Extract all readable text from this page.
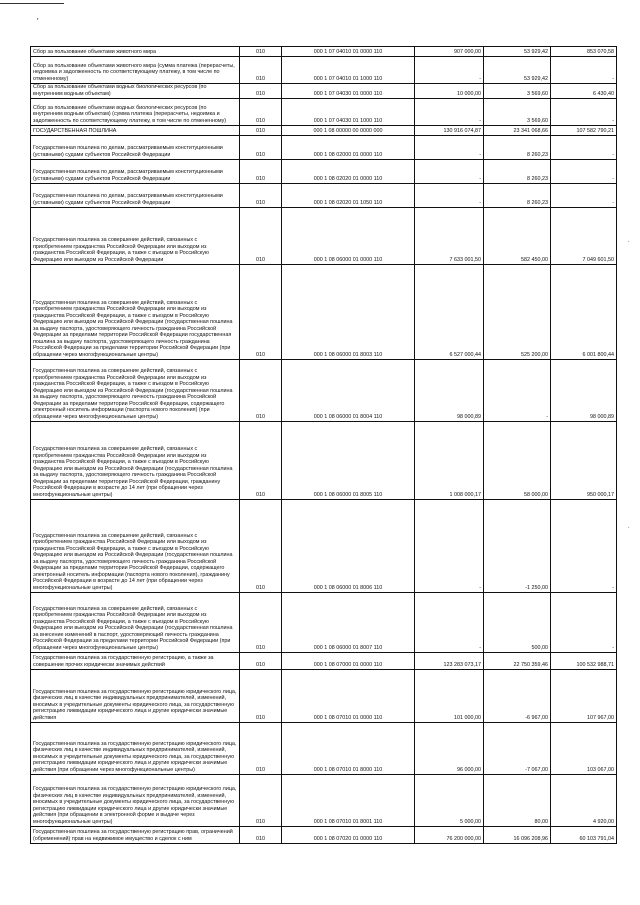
'
·
·
Сбор за пользование объектами животного мира	010	000 1 07 04010 01 0000 110	907 000,00	53 929,42	853 070,58
Сбор за пользование объектами животного мира (сумма платежа (перерасчеты, недоимка и задолженность по соответствующему платежу, в том числе по отмененному)	010	000 1 07 04010 01 1000 110	-	53 929,42	-
Сбор за пользование объектами водных биологических ресурсов (по внутренним водным объектам)	010	000 1 07 04030 01 0000 110	10 000,00	3 569,60	6 430,40
Сбор за пользование объектами водных биологических ресурсов (по внутренним водным объектам) (сумма платежа (перерасчеты, недоимка и задолженность по соответствующему платежу, в том числе по отмененному)	010	000 1 07 04030 01 1000 110	-	3 569,60	-
ГОСУДАРСТВЕННАЯ ПОШЛИНА	010	000 1 08 00000 00 0000 000	130 916 074,87	23 341 068,66	107 582 790,21
Государственная пошлина по делам, рассматриваемым конституционными (уставными) судами субъектов Российской Федерации	010	000 1 08 02000 01 0000 110	-	8 260,23	-
Государственная пошлина по делам, рассматриваемым конституционными (уставными) судами субъектов Российской Федерации	010	000 1 08 02020 01 0000 110	-	8 260,23	-
Государственная пошлина по делам, рассматриваемым конституционными (уставными) судами субъектов Российской Федерации	010	000 1 08 02020 01 1050 110	-	8 260,23	-
Государственная пошлина за совершение действий, связанных с приобретением гражданства Российской Федерации или выходом из гражданства Российской Федерации, а также с въездом в Российскую Федерацию или выездом из Российской Федерации	010	000 1 08 06000 01 0000 110	7 633 001,50	582 450,00	7 049 601,50
Государственная пошлина за совершение действий, связанных с приобретением гражданства Российской Федерации или выходом из гражданства Российской Федерации, а также с въездом в Российскую Федерацию или выездом из Российской Федерации (государственная пошлина за выдачу паспорта, удостоверяющего личность гражданина Российской Федерации за пределами территории Российской Федерации государственная пошлина за выдачу паспорта, удостоверяющего личность гражданина Российской Федерации за пределами территории Российской Федерации (при обращении через многофункциональные центры)	010	000 1 08 06000 01 8003 110	6 527 000,44	525 200,00	6 001 800,44
Государственная пошлина за совершение действий, связанных с приобретением гражданства Российской Федерации или выходом из гражданства Российской Федерации, а также с въездом в Российскую Федерацию или выездом из Российской Федерации (государственная пошлина за выдачу паспорта, удостоверяющего личность гражданина Российской Федерации за пределами территории Российской Федерации, содержащего электронный носитель информации (паспорта нового поколения) (при обращении через многофункциональные центры)	010	000 1 08 06000 01 8004 110	98 000,89	-	98 000,89
Государственная пошлина за совершение действий, связанных с приобретением гражданства Российской Федерации или выходом из гражданства Российской Федерации, а также с въездом в Российскую Федерацию или выездом из Российской Федерации (государственная пошлина за выдачу паспорта, удостоверяющего личность гражданина Российской Федерации за пределами территории Российской Федерации, гражданину Российской Федерации в возрасте до 14 лет (при обращении через многофункциональные центры)	010	000 1 08 06000 01 8005 110	1 008 000,17	58 000,00	950 000,17
Государственная пошлина за совершение действий, связанных с приобретением гражданства Российской Федерации или выходом из гражданства Российской Федерации, а также с въездом в Российскую Федерацию или выездом из Российской Федерации (государственная пошлина за выдачу паспорта, удостоверяющего личность гражданина Российской Федерации за пределами территории Российской Федерации, содержащего электронный носитель информации (паспорта нового поколения), гражданину Российской Федерации в возрасте до 14 лет (при обращении через многофункциональные центры)	010	000 1 08 06000 01 8006 110	-	-1 250,00	-
Государственная пошлина за совершение действий, связанных с приобретением гражданства Российской Федерации или выходом из гражданства Российской Федерации, а также с въездом в Российскую Федерацию или выездом из Российской Федерации (государственная пошлина за внесение изменений в паспорт, удостоверяющий личность гражданина Российской Федерации за пределами территории Российской Федерации (при обращении через многофункциональные центры)	010	000 1 08 06000 01 8007 110	-	500,00	-
Государственная пошлина за государственную регистрацию, а также за совершение прочих юридически значимых действий	010	000 1 08 07000 01 0000 110	123 283 073,17	22 750 359,46	100 532 988,71
Государственная пошлина за государственную регистрацию юридического лица, физических лиц в качестве индивидуальных предпринимателей, изменений, вносимых в учредительные документы юридического лица, за государственную регистрацию ликвидации юридического лица и другие юридически значимые действия	010	000 1 08 07010 01 0000 110	101 000,00	-6 967,00	107 967,00
Государственная пошлина за государственную регистрацию юридического лица, физических лиц в качестве индивидуальных предпринимателей, изменений, вносимых в учредительные документы юридического лица, за государственную регистрацию ликвидации юридического лица и другие юридически значимые действия (при обращении через многофункциональные центры)	010	000 1 08 07010 01 8000 110	96 000,00	-7 067,00	103 067,00
Государственная пошлина за государственную регистрацию юридического лица, физических лиц в качестве индивидуальных предпринимателей, изменений, вносимых в учредительные документы юридического лица, за государственную регистрацию ликвидации юридического лица и другие юридически значимые действия (при обращении в электронной форме и выдаче через многофункциональные центры)	010	000 1 08 07010 01 8001 110	5 000,00	80,00	4 920,00
Государственная пошлина за государственную регистрацию прав, ограничений (обременений) прав на недвижимое имущество и сделок с ним	010	000 1 08 07020 01 0000 110	76 200 000,00	16 096 208,96	60 103 791,04
